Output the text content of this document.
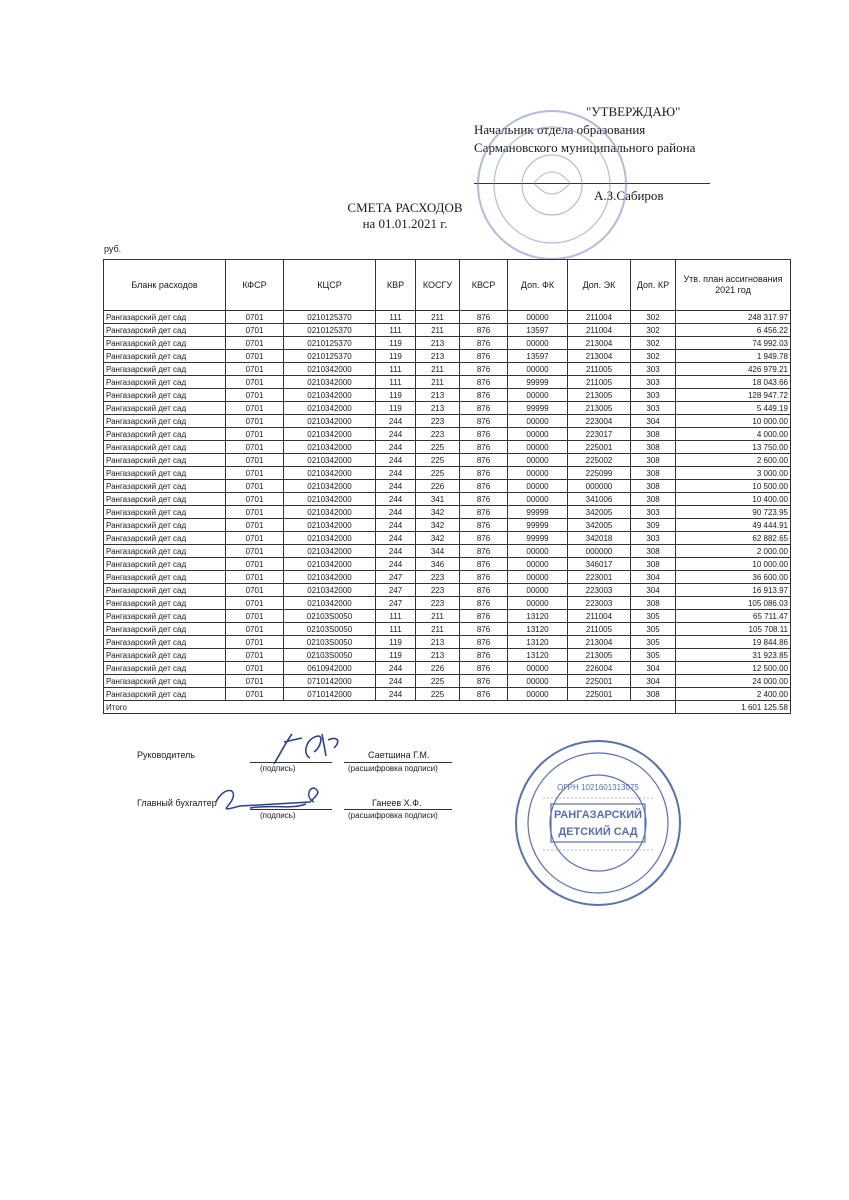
"УТВЕРЖДАЮ"
Начальник отдела образования
Сармановского муниципального района
А.З.Сабиров
СМЕТА РАСХОДОВ
на 01.01.2021 г.
руб.
Бланк расходов	КФСР	КЦСР	КВР	КОСГУ	КВСР	Доп. ФК	Доп. ЭК	Доп. КР	Утв. план ассигнования 2021 год
Рангазарский дет сад	0701	0210125370	111	211	876	00000	211004	302	248 317.97
Рангазарский дет сад	0701	0210125370	111	211	876	13597	211004	302	6 456.22
Рангазарский дет сад	0701	0210125370	119	213	876	00000	213004	302	74 992.03
Рангазарский дет сад	0701	0210125370	119	213	876	13597	213004	302	1 949.78
Рангазарский дет сад	0701	0210342000	111	211	876	00000	211005	303	426 979.21
Рангазарский дет сад	0701	0210342000	111	211	876	99999	211005	303	18 043.66
Рангазарский дет сад	0701	0210342000	119	213	876	00000	213005	303	128 947.72
Рангазарский дет сад	0701	0210342000	119	213	876	99999	213005	303	5 449.19
Рангазарский дет сад	0701	0210342000	244	223	876	00000	223004	304	10 000.00
Рангазарский дет сад	0701	0210342000	244	223	876	00000	223017	308	4 000.00
Рангазарский дет сад	0701	0210342000	244	225	876	00000	225001	308	13 750.00
Рангазарский дет сад	0701	0210342000	244	225	876	00000	225002	308	2 600.00
Рангазарский дет сад	0701	0210342000	244	225	876	00000	225099	308	3 000.00
Рангазарский дет сад	0701	0210342000	244	226	876	00000	000000	308	10 500.00
Рангазарский дет сад	0701	0210342000	244	341	876	00000	341006	308	10 400.00
Рангазарский дет сад	0701	0210342000	244	342	876	99999	342005	303	90 723.95
Рангазарский дет сад	0701	0210342000	244	342	876	99999	342005	309	49 444.91
Рангазарский дет сад	0701	0210342000	244	342	876	99999	342018	303	62 882.65
Рангазарский дет сад	0701	0210342000	244	344	876	00000	000000	308	2 000.00
Рангазарский дет сад	0701	0210342000	244	346	876	00000	346017	308	10 000.00
Рангазарский дет сад	0701	0210342000	247	223	876	00000	223001	304	36 600.00
Рангазарский дет сад	0701	0210342000	247	223	876	00000	223003	304	16 913.97
Рангазарский дет сад	0701	0210342000	247	223	876	00000	223003	308	105 086.03
Рангазарский дет сад	0701	02103S0050	111	211	876	13120	211004	305	65 711.47
Рангазарский дет сад	0701	02103S0050	111	211	876	13120	211005	305	105 708.11
Рангазарский дет сад	0701	02103S0050	119	213	876	13120	213004	305	19 844.86
Рангазарский дет сад	0701	02103S0050	119	213	876	13120	213005	305	31 923.85
Рангазарский дет сад	0701	0610942000	244	226	876	00000	226004	304	12 500.00
Рангазарский дет сад	0701	0710142000	244	225	876	00000	225001	304	24 000.00
Рангазарский дет сад	0701	0710142000	244	225	876	00000	225001	308	2 400.00
Итого									1 601 125.58
Руководитель
(подпись)
Саетшина Г.М.
(расшифровка подписи)
Главный бухгалтер
(подпись)
Ганеев Х.Ф.
(расшифровка подписи)
ОГРН 1021601313075
РАНГАЗАРСКИЙ
ДЕТСКИЙ САД
